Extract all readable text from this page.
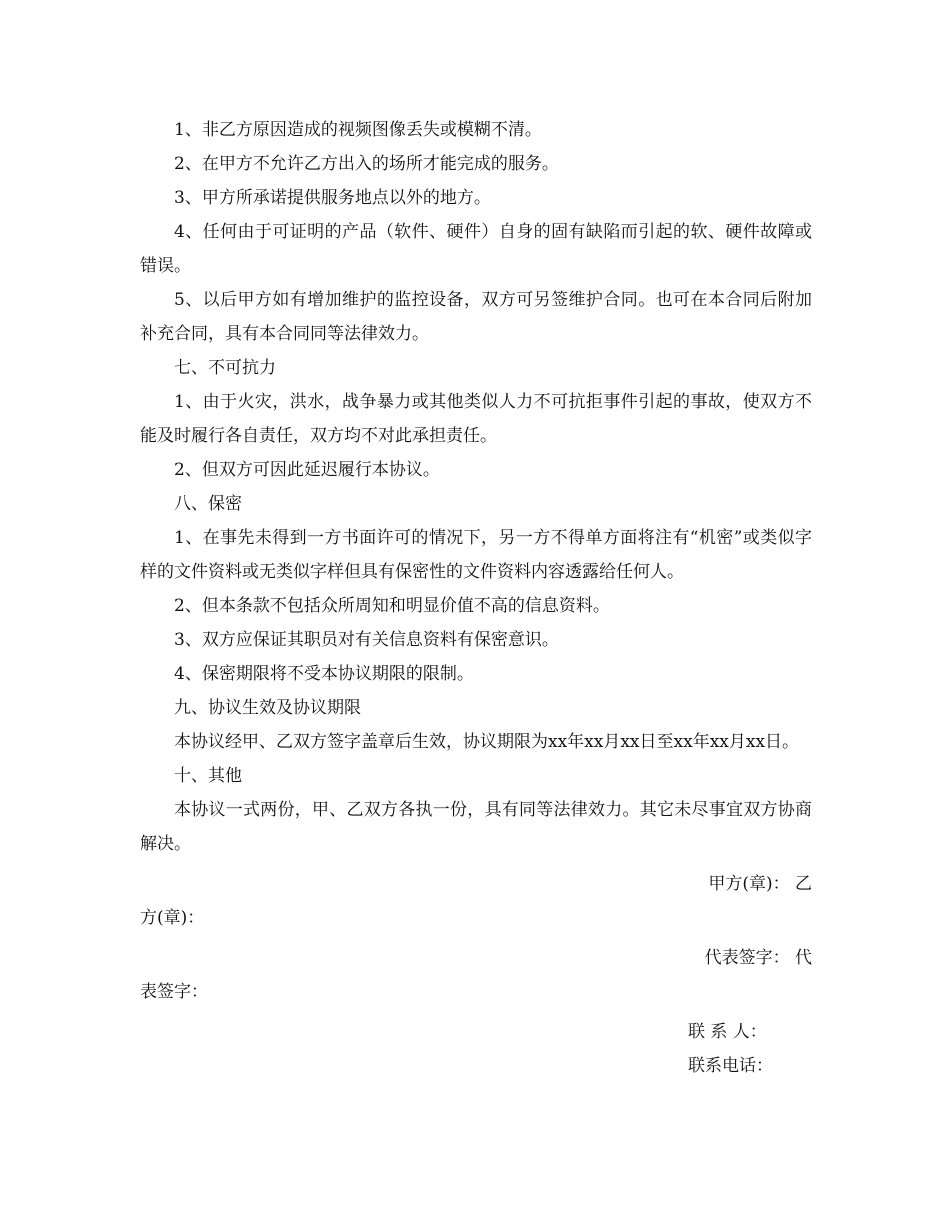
1、非乙方原因造成的视频图像丢失或模糊不清。

2、在甲方不允许乙方出入的场所才能完成的服务。

3、甲方所承诺提供服务地点以外的地方。

4、任何由于可证明的产品（软件、硬件）自身的固有缺陷而引起的软、硬件故障或错误。

5、以后甲方如有增加维护的监控设备，双方可另签维护合同。也可在本合同后附加补充合同，具有本合同同等法律效力。

七、不可抗力

1、由于火灾，洪水，战争暴力或其他类似人力不可抗拒事件引起的事故，使双方不能及时履行各自责任，双方均不对此承担责任。

2、但双方可因此延迟履行本协议。

八、保密

1、在事先未得到一方书面许可的情况下，另一方不得单方面将注有“机密”或类似字样的文件资料或无类似字样但具有保密性的文件资料内容透露给任何人。

2、但本条款不包括众所周知和明显价值不高的信息资料。

3、双方应保证其职员对有关信息资料有保密意识。

4、保密期限将不受本协议期限的限制。

九、协议生效及协议期限

本协议经甲、乙双方签字盖章后生效，协议期限为xx年xx月xx日至xx年xx月xx日。

十、其他

本协议一式两份，甲、乙双方各执一份，具有同等法律效力。其它未尽事宜双方协商解决。

甲方(章)： 乙

方(章)：

代表签字： 代

表签字：

联 系 人：

联系电话：
